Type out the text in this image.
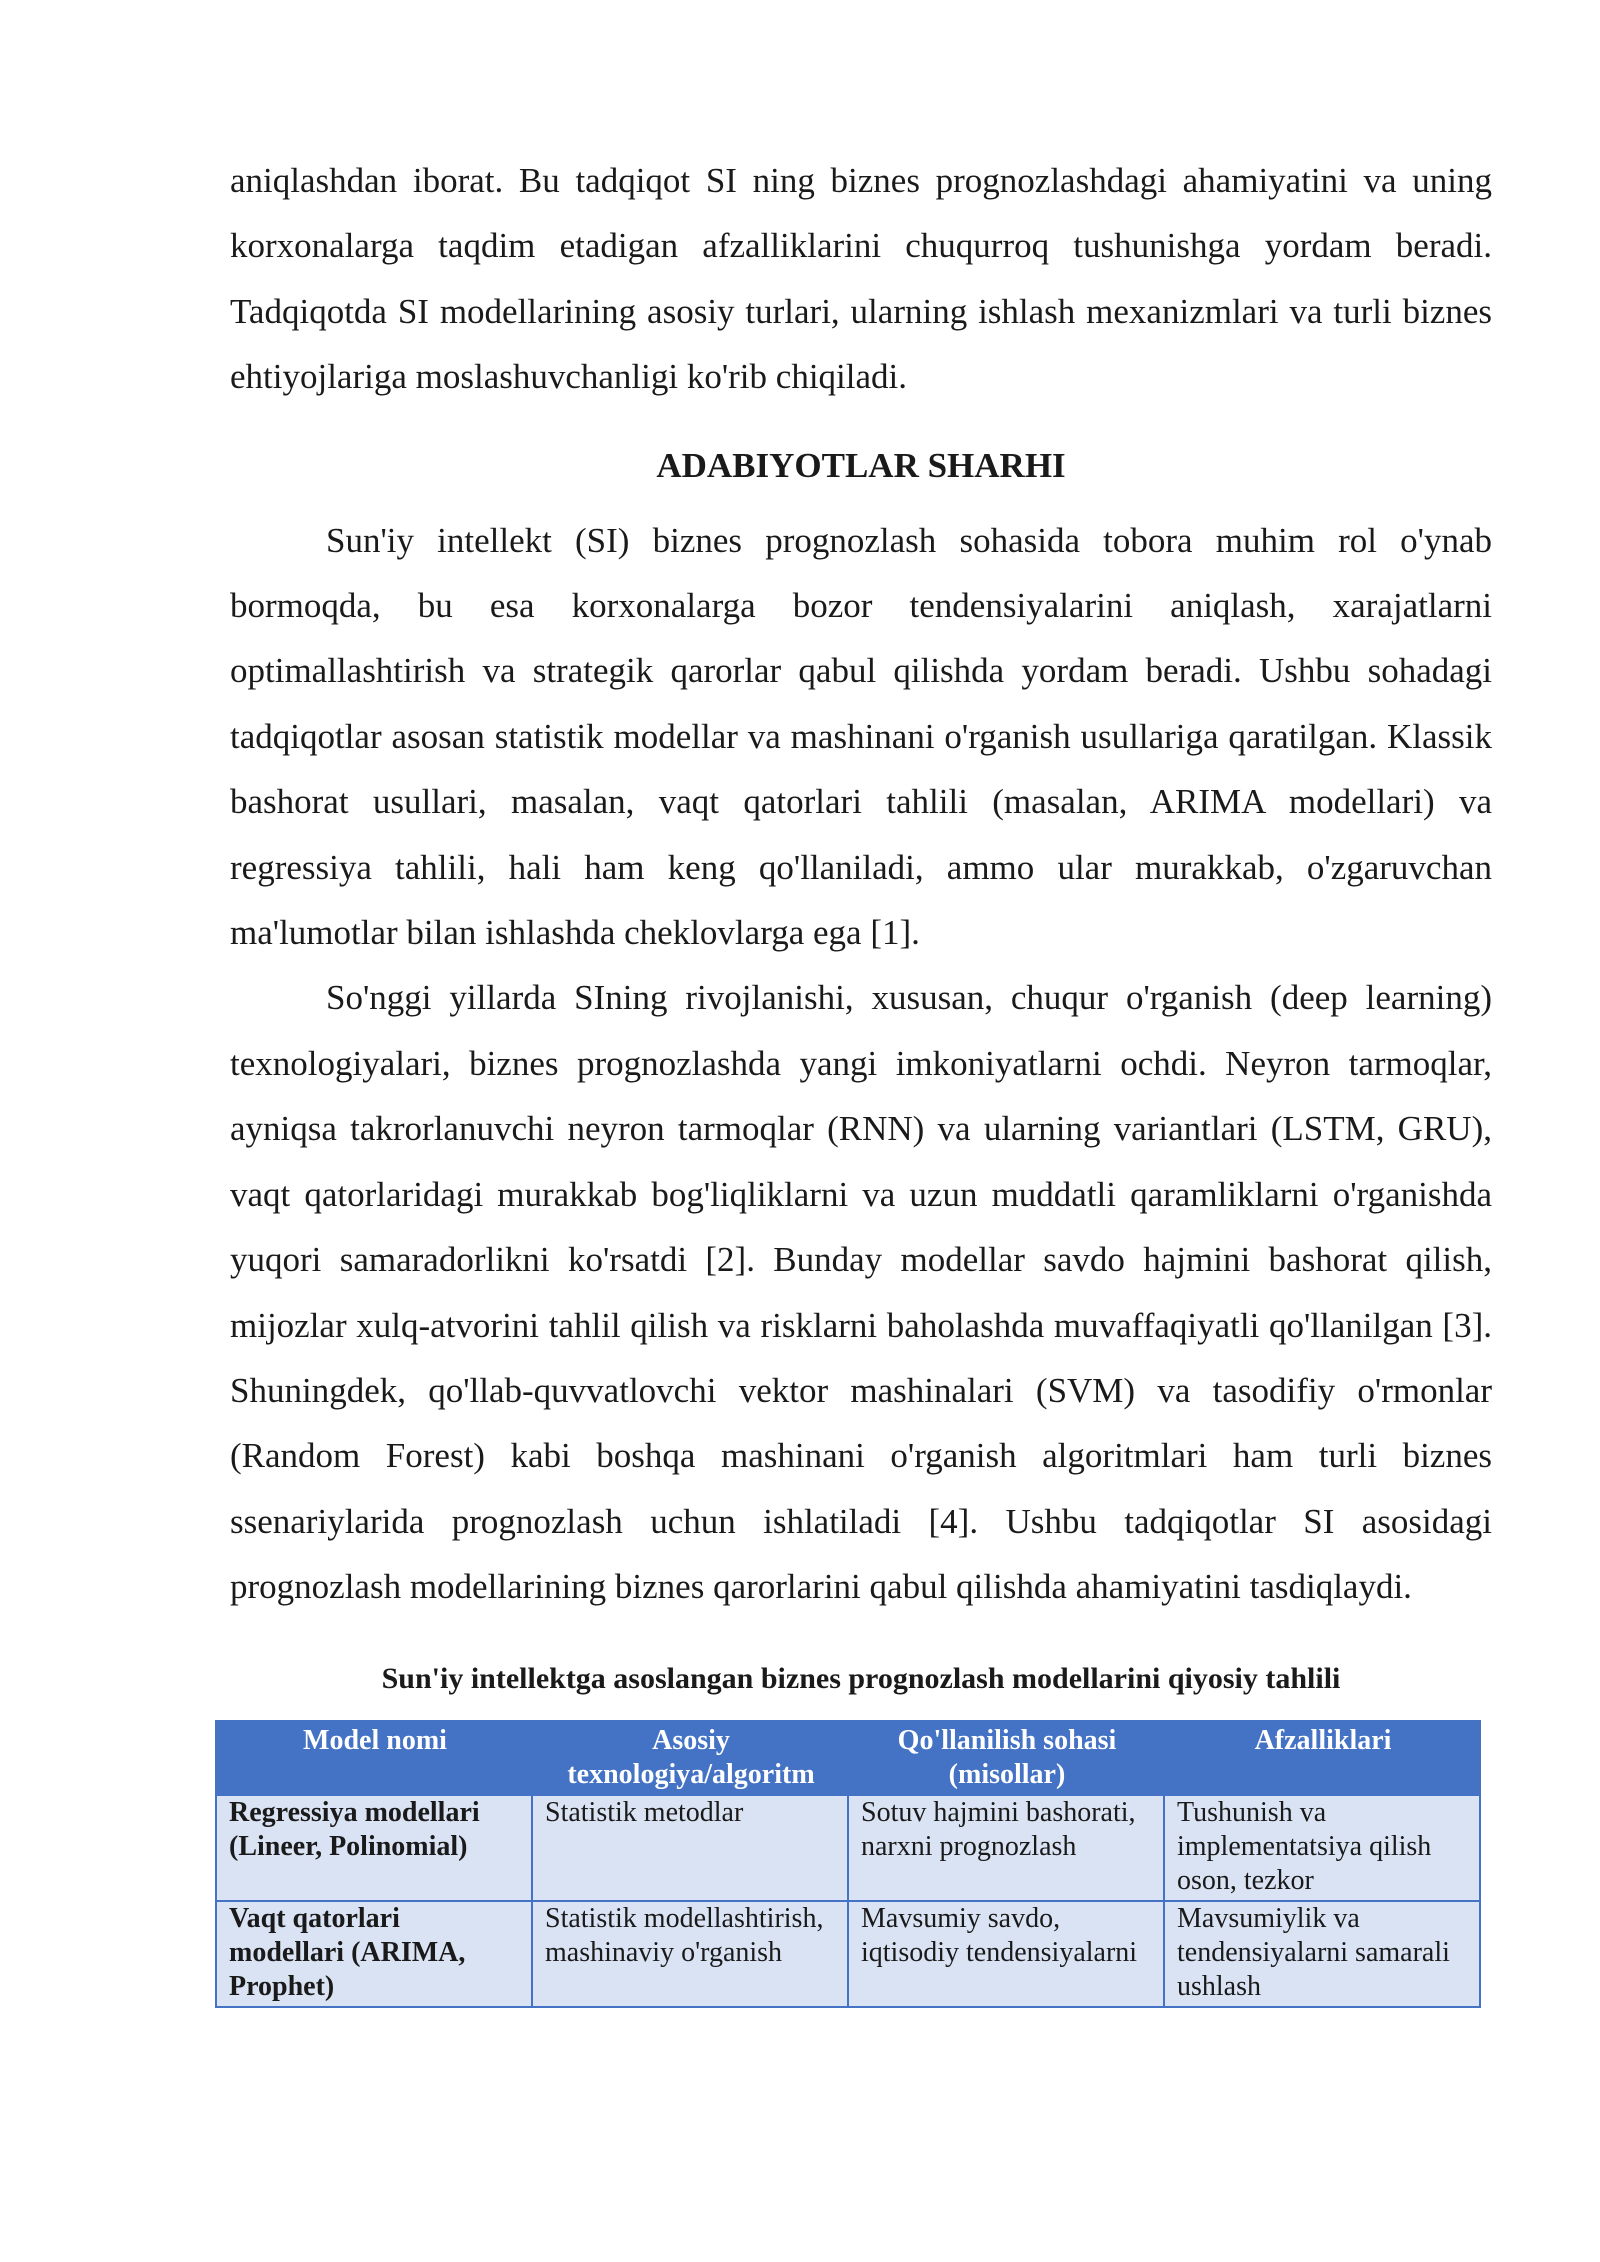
aniqlashdan iborat. Bu tadqiqot SI ning biznes prognozlashdagi ahamiyatini va uning korxonalarga taqdim etadigan afzalliklarini chuqurroq tushunishga yordam beradi. Tadqiqotda SI modellarining asosiy turlari, ularning ishlash mexanizmlari va turli biznes ehtiyojlariga moslashuvchanligi ko'rib chiqiladi.

ADABIYOTLAR SHARHI

Sun'iy intellekt (SI) biznes prognozlash sohasida tobora muhim rol o'ynab bormoqda, bu esa korxonalarga bozor tendensiyalarini aniqlash, xarajatlarni optimallashtirish va strategik qarorlar qabul qilishda yordam beradi. Ushbu sohadagi tadqiqotlar asosan statistik modellar va mashinani o'rganish usullariga qaratilgan. Klassik bashorat usullari, masalan, vaqt qatorlari tahlili (masalan, ARIMA modellari) va regressiya tahlili, hali ham keng qo'llaniladi, ammo ular murakkab, o'zgaruvchan ma'lumotlar bilan ishlashda cheklovlarga ega [1].

So'nggi yillarda SIning rivojlanishi, xususan, chuqur o'rganish (deep learning) texnologiyalari, biznes prognozlashda yangi imkoniyatlarni ochdi. Neyron tarmoqlar, ayniqsa takrorlanuvchi neyron tarmoqlar (RNN) va ularning variantlari (LSTM, GRU), vaqt qatorlaridagi murakkab bog'liqliklarni va uzun muddatli qaramliklarni o'rganishda yuqori samaradorlikni ko'rsatdi [2]. Bunday modellar savdo hajmini bashorat qilish, mijozlar xulq-atvorini tahlil qilish va risklarni baholashda muvaffaqiyatli qo'llanilgan [3]. Shuningdek, qo'llab-quvvatlovchi vektor mashinalari (SVM) va tasodifiy o'rmonlar (Random Forest) kabi boshqa mashinani o'rganish algoritmlari ham turli biznes ssenariylarida prognozlash uchun ishlatiladi [4]. Ushbu tadqiqotlar SI asosidagi prognozlash modellarining biznes qarorlarini qabul qilishda ahamiyatini tasdiqlaydi.

Sun'iy intellektga asoslangan biznes prognozlash modellarini qiyosiy tahlili
Model nomi	Asosiy texnologiya/algoritm	Qo'llanilish sohasi (misollar)	Afzalliklari
Regressiya modellari (Lineer, Polinomial)	Statistik metodlar	Sotuv hajmini bashorati, narxni prognozlash	Tushunish va implementatsiya qilish oson, tezkor
Vaqt qatorlari modellari (ARIMA, Prophet)	Statistik modellashtirish, mashinaviy o'rganish	Mavsumiy savdo, iqtisodiy tendensiyalarni	Mavsumiylik va tendensiyalarni samarali ushlash
